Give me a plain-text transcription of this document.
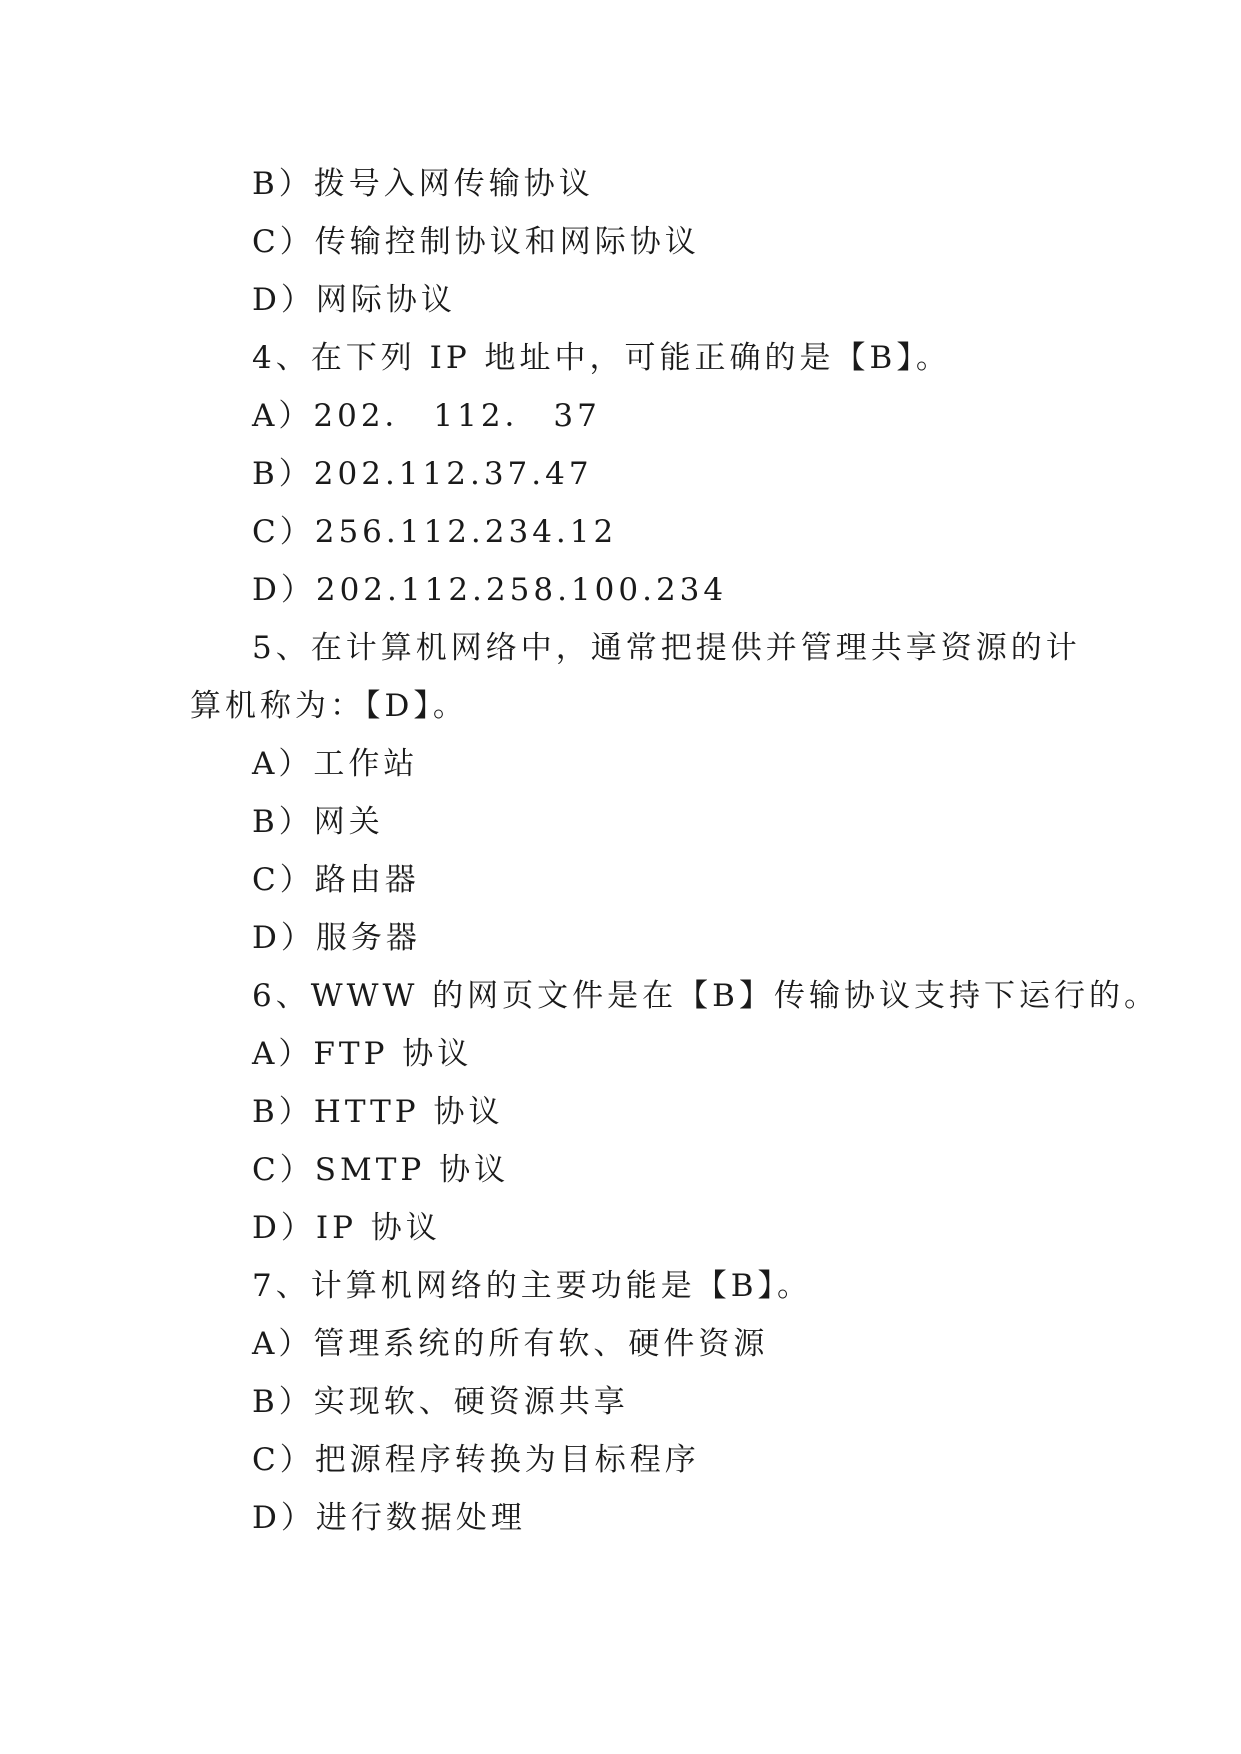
B）拨号入网传输协议
C）传输控制协议和网际协议
D）网际协议
4、在下列 IP 地址中，可能正确的是【B】。
A）202． 112． 37
B）202.112.37.47
C）256.112.234.12
D）202.112.258.100.234
5、在计算机网络中，通常把提供并管理共享资源的计
算机称为：【D】。
A）工作站
B）网关
C）路由器
D）服务器
6、WWW 的网页文件是在【B】传输协议支持下运行的。
A）FTP 协议
B）HTTP 协议
C）SMTP 协议
D）IP 协议
7、计算机网络的主要功能是【B】。
A）管理系统的所有软、硬件资源
B）实现软、硬资源共享
C）把源程序转换为目标程序
D）进行数据处理
